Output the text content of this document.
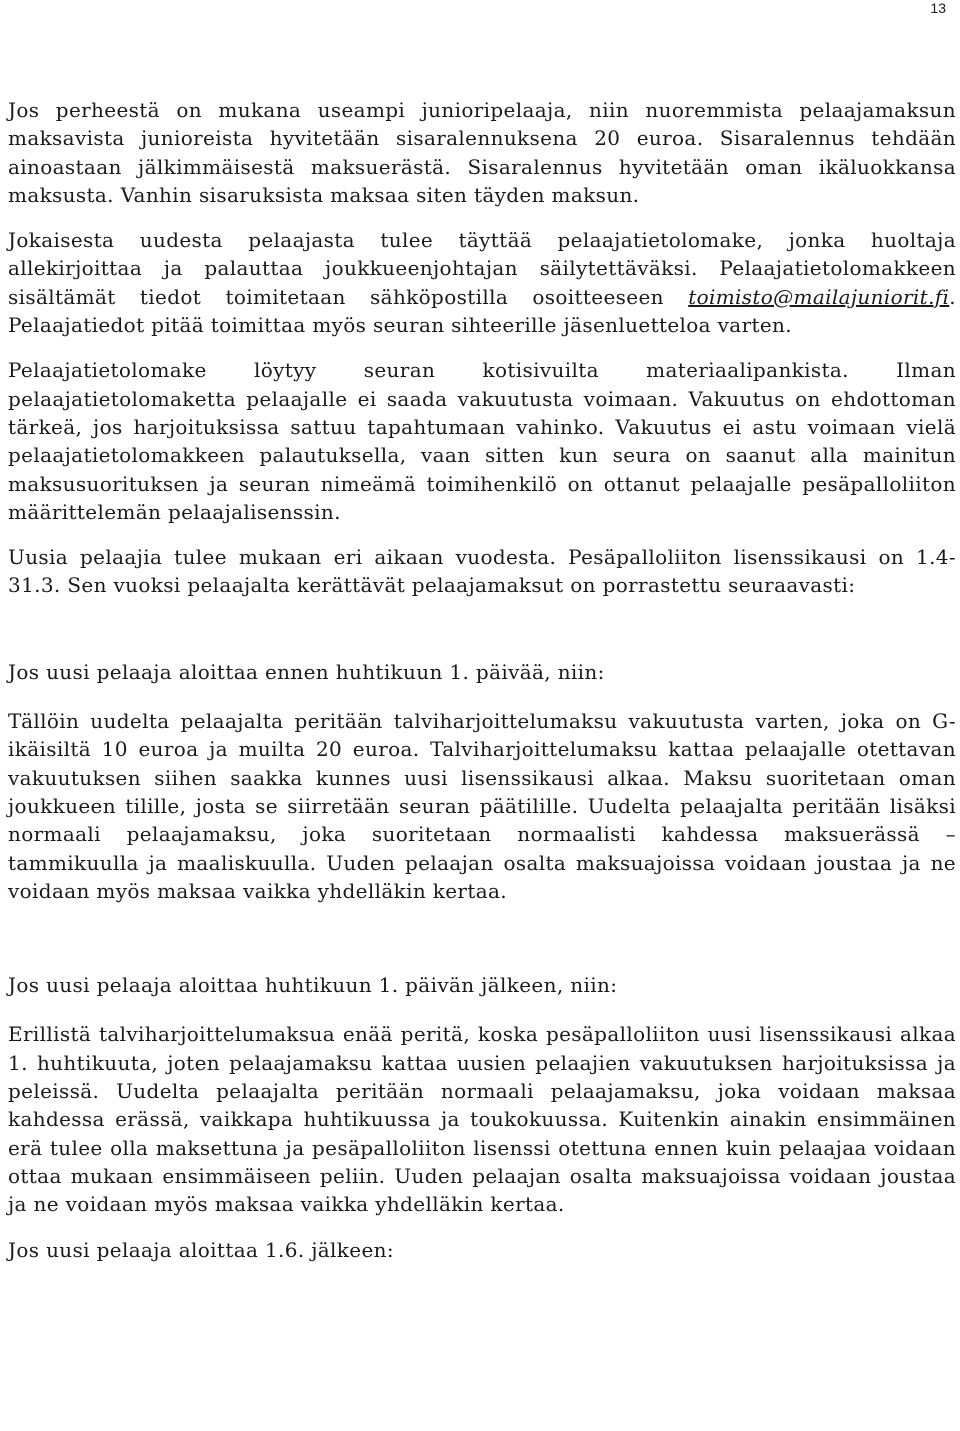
13

Jos perheestä on mukana useampi junioripelaaja, niin nuoremmista pelaajamaksun maksavista junioreista hyvitetään sisaralennuksena 20 euroa. Sisaralennus tehdään ainoastaan jälkimmäisestä maksuerästä. Sisaralennus hyvitetään oman ikäluokkansa maksusta. Vanhin sisaruksista maksaa siten täyden maksun.

Jokaisesta uudesta pelaajasta tulee täyttää pelaajatietolomake, jonka huoltaja allekirjoittaa ja palauttaa joukkueenjohtajan säilytettäväksi. Pelaajatietolomakkeen sisältämät tiedot toimitetaan sähköpostilla osoitteeseen toimisto@mailajuniorit.fi. Pelaajatiedot pitää toimittaa myös seuran sihteerille jäsenluetteloa varten.

Pelaajatietolomake löytyy seuran kotisivuilta materiaalipankista. Ilman pelaajatietolomaketta pelaajalle ei saada vakuutusta voimaan. Vakuutus on ehdottoman tärkeä, jos harjoituksissa sattuu tapahtumaan vahinko. Vakuutus ei astu voimaan vielä pelaajatietolomakkeen palautuksella, vaan sitten kun seura on saanut alla mainitun maksusuorituksen ja seuran nimeämä toimihenkilö on ottanut pelaajalle pesäpalloliiton määrittelemän pelaajalisenssin.

Uusia pelaajia tulee mukaan eri aikaan vuodesta. Pesäpalloliiton lisenssikausi on 1.4-31.3. Sen vuoksi pelaajalta kerättävät pelaajamaksut on porrastettu seuraavasti:

Jos uusi pelaaja aloittaa ennen huhtikuun 1. päivää, niin:

Tällöin uudelta pelaajalta peritään talviharjoittelumaksu vakuutusta varten, joka on G-ikäisiltä 10 euroa ja muilta 20 euroa. Talviharjoittelumaksu kattaa pelaajalle otettavan vakuutuksen siihen saakka kunnes uusi lisenssikausi alkaa. Maksu suoritetaan oman joukkueen tilille, josta se siirretään seuran päätilille. Uudelta pelaajalta peritään lisäksi normaali pelaajamaksu, joka suoritetaan normaalisti kahdessa maksuerässä – tammikuulla ja maaliskuulla. Uuden pelaajan osalta maksuajoissa voidaan joustaa ja ne voidaan myös maksaa vaikka yhdelläkin kertaa.

Jos uusi pelaaja aloittaa huhtikuun 1. päivän jälkeen, niin:

Erillistä talviharjoittelumaksua enää peritä, koska pesäpalloliiton uusi lisenssikausi alkaa 1. huhtikuuta, joten pelaajamaksu kattaa uusien pelaajien vakuutuksen harjoituksissa ja peleissä. Uudelta pelaajalta peritään normaali pelaajamaksu, joka voidaan maksaa kahdessa erässä, vaikkapa huhtikuussa ja toukokuussa. Kuitenkin ainakin ensimmäinen erä tulee olla maksettuna ja pesäpalloliiton lisenssi otettuna ennen kuin pelaajaa voidaan ottaa mukaan ensimmäiseen peliin. Uuden pelaajan osalta maksuajoissa voidaan joustaa ja ne voidaan myös maksaa vaikka yhdelläkin kertaa.

Jos uusi pelaaja aloittaa 1.6. jälkeen:
